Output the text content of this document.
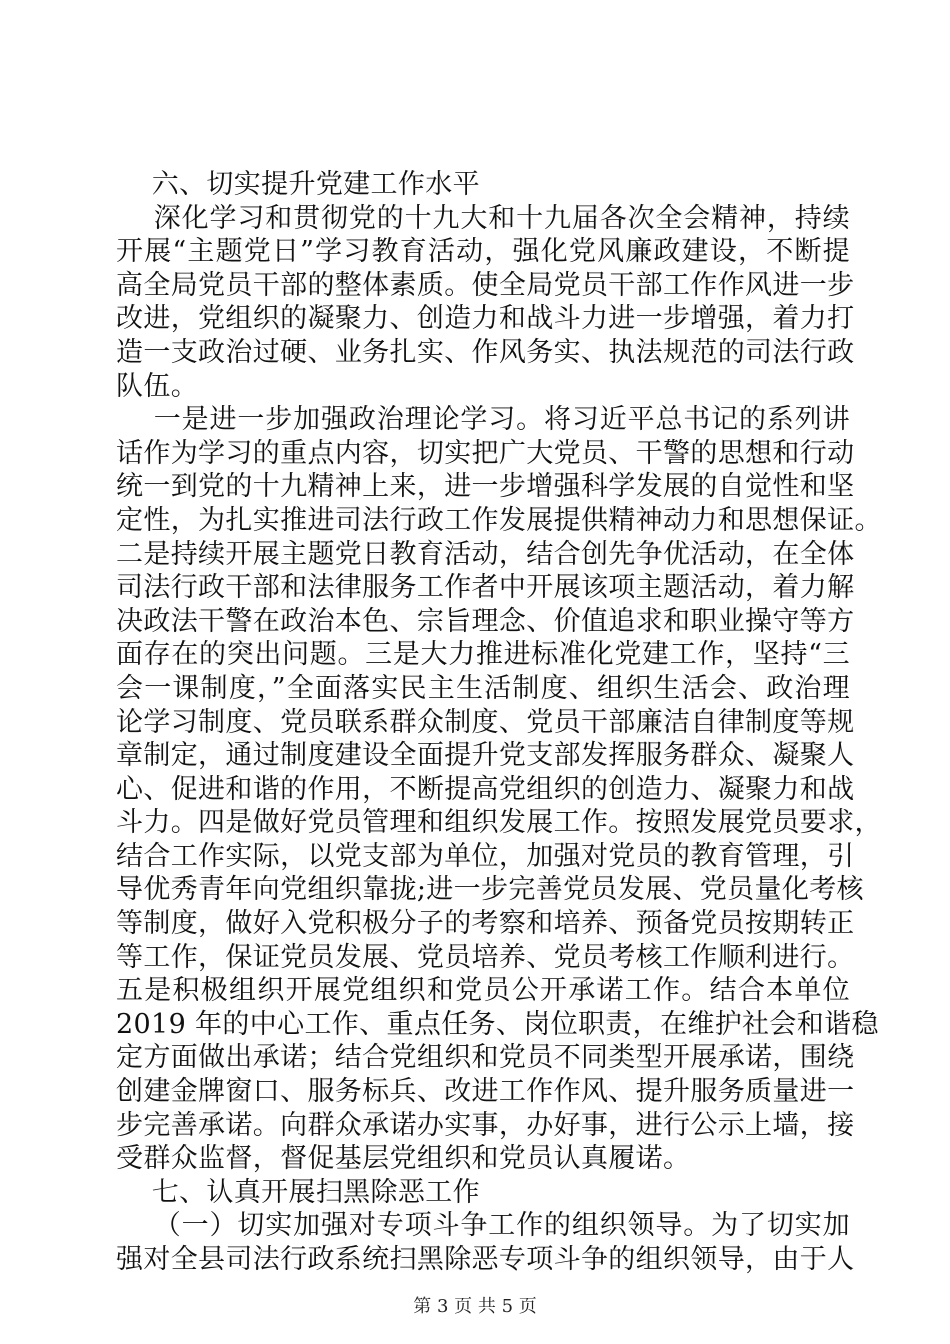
六、切实提升党建工作水平
深化学习和贯彻党的十九大和十九届各次全会精神，持续
开展“主题党日”学习教育活动，强化党风廉政建设，不断提
高全局党员干部的整体素质。使全局党员干部工作作风进一步
改进，党组织的凝聚力、创造力和战斗力进一步增强，着力打
造一支政治过硬、业务扎实、作风务实、执法规范的司法行政
队伍。
一是进一步加强政治理论学习。将习近平总书记的系列讲
话作为学习的重点内容，切实把广大党员、干警的思想和行动
统一到党的十九精神上来，进一步增强科学发展的自觉性和坚
定性，为扎实推进司法行政工作发展提供精神动力和思想保证。
二是持续开展主题党日教育活动，结合创先争优活动，在全体
司法行政干部和法律服务工作者中开展该项主题活动，着力解
决政法干警在政治本色、宗旨理念、价值追求和职业操守等方
面存在的突出问题。三是大力推进标准化党建工作，坚持“三
会一课制度，”全面落实民主生活制度、组织生活会、政治理
论学习制度、党员联系群众制度、党员干部廉洁自律制度等规
章制定，通过制度建设全面提升党支部发挥服务群众、凝聚人
心、促进和谐的作用，不断提高党组织的创造力、凝聚力和战
斗力。四是做好党员管理和组织发展工作。按照发展党员要求，
结合工作实际，以党支部为单位，加强对党员的教育管理，引
导优秀青年向党组织靠拢;进一步完善党员发展、党员量化考核
等制度，做好入党积极分子的考察和培养、预备党员按期转正
等工作，保证党员发展、党员培养、党员考核工作顺利进行。
五是积极组织开展党组织和党员公开承诺工作。结合本单位
2019 年的中心工作、重点任务、岗位职责，在维护社会和谐稳
定方面做出承诺；结合党组织和党员不同类型开展承诺，围绕
创建金牌窗口、服务标兵、改进工作作风、提升服务质量进一
步完善承诺。向群众承诺办实事，办好事，进行公示上墙，接
受群众监督，督促基层党组织和党员认真履诺。
七、认真开展扫黑除恶工作
（一）切实加强对专项斗争工作的组织领导。为了切实加
强对全县司法行政系统扫黑除恶专项斗争的组织领导，由于人
第 3 页 共 5 页
